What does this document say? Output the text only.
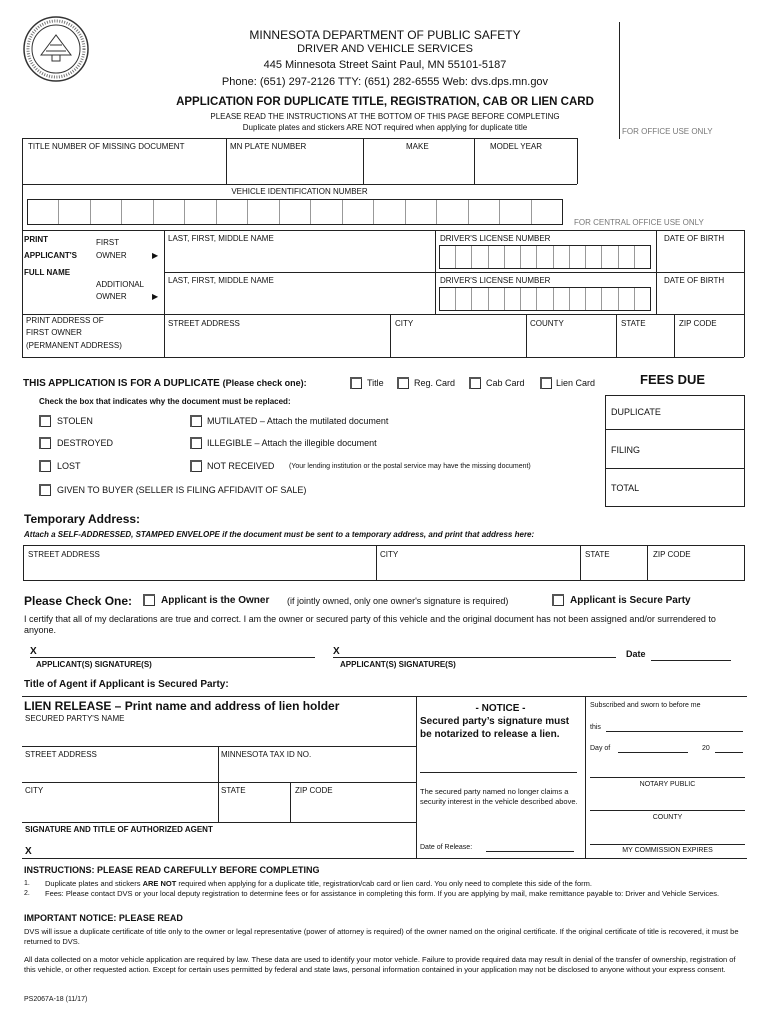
MINNESOTA DEPARTMENT OF PUBLIC SAFETY
DRIVER AND VEHICLE SERVICES
445 Minnesota Street Saint Paul, MN 55101-5187
Phone: (651) 297-2126 TTY: (651) 282-6555 Web: dvs.dps.mn.gov
APPLICATION FOR DUPLICATE TITLE, REGISTRATION, CAB OR LIEN CARD
PLEASE READ THE INSTRUCTIONS AT THE BOTTOM OF THIS PAGE BEFORE COMPLETING
Duplicate plates and stickers ARE NOT required when applying for duplicate title	FOR OFFICE USE ONLY
TITLE NUMBER OF MISSING DOCUMENT	MN PLATE NUMBER	MAKE	MODEL YEAR
VEHICLE IDENTIFICATION NUMBER
FOR CENTRAL OFFICE USE ONLY
PRINT
APPLICANT'S
FULL NAME
FIRST
OWNER	▶
ADDITIONAL
OWNER	▶
LAST, FIRST, MIDDLE NAME	DRIVER'S LICENSE NUMBER	DATE OF BIRTH
LAST, FIRST, MIDDLE NAME	DRIVER'S LICENSE NUMBER	DATE OF BIRTH
PRINT ADDRESS OF
FIRST OWNER
(PERMANENT ADDRESS)
STREET ADDRESS	CITY	COUNTY	STATE	ZIP CODE
THIS APPLICATION IS FOR A DUPLICATE (Please check one):	Title	Reg. Card	Cab Card	Lien Card	FEES DUE
Check the box that indicates why the document must be replaced:
STOLEN	MUTILATED – Attach the mutilated document
DESTROYED	ILLEGIBLE – Attach the illegible document
LOST	NOT RECEIVED (Your lending institution or the postal service may have the missing document)
GIVEN TO BUYER (SELLER IS FILING AFFIDAVIT OF SALE)
DUPLICATE
FILING
TOTAL
Temporary Address:
Attach a SELF-ADDRESSED, STAMPED ENVELOPE if the document must be sent to a temporary address, and print that address here:
STREET ADDRESS	CITY	STATE	ZIP CODE
Please Check One:	Applicant is the Owner (if jointly owned, only one owner's signature is required)	Applicant is Secure Party
I certify that all of my declarations are true and correct. I am the owner or secured party of this vehicle and the original document has not been assigned and/or surrendered to anyone.
X
APPLICANT(S) SIGNATURE(S)
X
APPLICANT(S) SIGNATURE(S)
Date
Title of Agent if Applicant is Secured Party:
LIEN RELEASE – Print name and address of lien holder
SECURED PARTY'S NAME
STREET ADDRESS	MINNESOTA TAX ID NO.
CITY	STATE	ZIP CODE
SIGNATURE AND TITLE OF AUTHORIZED AGENT
X
- NOTICE -
Secured party’s signature must be notarized to release a lien.
The secured party named no longer claims a security interest in the vehicle described above.
Date of Release:
Subscribed and sworn to before me
this
Day of	20
NOTARY PUBLIC
COUNTY
MY COMMISSION EXPIRES
INSTRUCTIONS: PLEASE READ CAREFULLY BEFORE COMPLETING
1. Duplicate plates and stickers ARE NOT required when applying for a duplicate title, registration/cab card or lien card. You only need to complete this side of the form.
2. Fees: Please contact DVS or your local deputy registration to determine fees or for assistance in completing this form. If you are applying by mail, make remittance payable to: Driver and Vehicle Services.
IMPORTANT NOTICE: PLEASE READ
DVS will issue a duplicate certificate of title only to the owner or legal representative (power of attorney is required) of the owner named on the original certificate. If the original certificate of title is recovered, it must be returned to DVS.
All data collected on a motor vehicle application are required by law. These data are used to identify your motor vehicle. Failure to provide required data may result in denial of the transfer of ownership, registration of this vehicle, or other requested action. Except for certain uses permitted by federal and state laws, personal information contained in your application may not be disclosed to anyone without your express consent.
PS2067A-18 (11/17)
